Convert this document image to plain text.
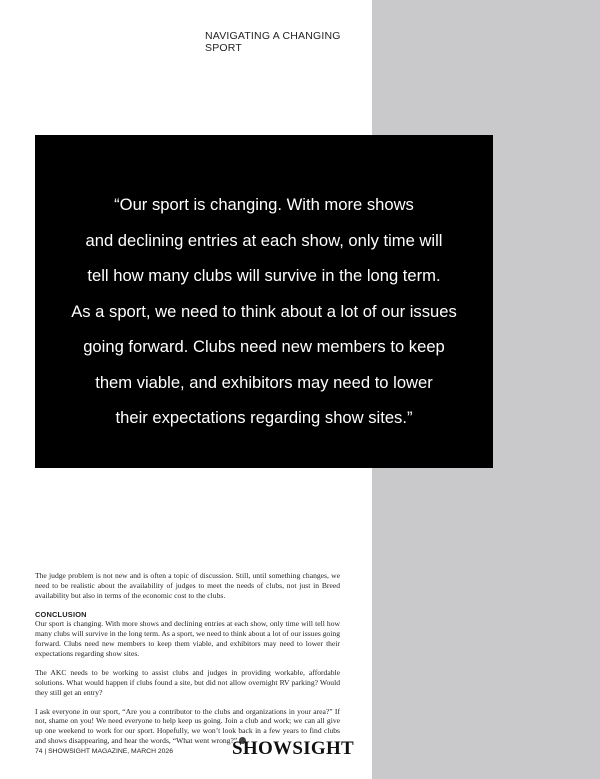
NAVIGATING A CHANGING SPORT

“Our sport is changing. With more shows
and declining entries at each show, only time will
tell how many clubs will survive in the long term.
As a sport, we need to think about a lot of our issues
going forward. Clubs need new members to keep
them viable, and exhibitors may need to lower
their expectations regarding show sites.”

The judge problem is not new and is often a topic of discussion. Still, until something changes, we need to be realistic about the availability of judges to meet the needs of clubs, not just in Breed availability but also in terms of the economic cost to the clubs.

CONCLUSION

Our sport is changing. With more shows and declining entries at each show, only time will tell how many clubs will survive in the long term. As a sport, we need to think about a lot of our issues going forward. Clubs need new members to keep them viable, and exhibitors may need to lower their expectations regarding show sites.

The AKC needs to be working to assist clubs and judges in providing workable, affordable solutions. What would happen if clubs found a site, but did not allow overnight RV parking? Would they still get an entry?

I ask everyone in our sport, “Are you a contributor to the clubs and organizations in your area?” If not, shame on you! We need everyone to help keep us going. Join a club and work; we can all give up one weekend to work for our sport. Hopefully, we won’t look back in a few years to find clubs and shows disappearing, and hear the words, “What went wrong?”

74 | SHOWSIGHT MAGAZINE, MARCH 2026	SHOWSIGHT
